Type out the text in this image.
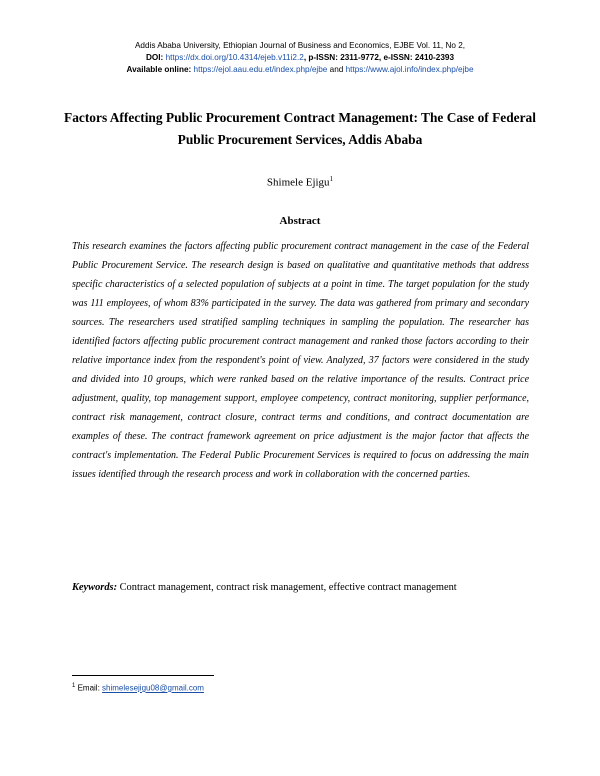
Addis Ababa University, Ethiopian Journal of Business and Economics, EJBE Vol. 11, No 2,
DOI: https://dx.doi.org/10.4314/ejeb.v11i2.2, p-ISSN: 2311-9772, e-ISSN: 2410-2393
Available online: https://ejol.aau.edu.et/index.php/ejbe and https://www.ajol.info/index.php/ejbe
Factors Affecting Public Procurement Contract Management: The Case of Federal Public Procurement Services, Addis Ababa
Shimele Ejigu$^1$
Abstract

This research examines the factors affecting public procurement contract management in the case of the Federal Public Procurement Service. The research design is based on qualitative and quantitative methods that address specific characteristics of a selected population of subjects at a point in time. The target population for the study was 111 employees, of whom 83% participated in the survey. The data was gathered from primary and secondary sources. The researchers used stratified sampling techniques in sampling the population. The researcher has identified factors affecting public procurement contract management and ranked those factors according to their relative importance index from the respondent's point of view. Analyzed, 37 factors were considered in the study and divided into 10 groups, which were ranked based on the relative importance of the results. Contract price adjustment, quality, top management support, employee competency, contract monitoring, supplier performance, contract risk management, contract closure, contract terms and conditions, and contract documentation are examples of these. The contract framework agreement on price adjustment is the major factor that affects the contract's implementation. The Federal Public Procurement Services is required to focus on addressing the main issues identified through the research process and work in collaboration with the concerned parties.

Keywords: Contract management, contract risk management, effective contract management
$^1$ Email: shimelesejigu08@gmail.com
